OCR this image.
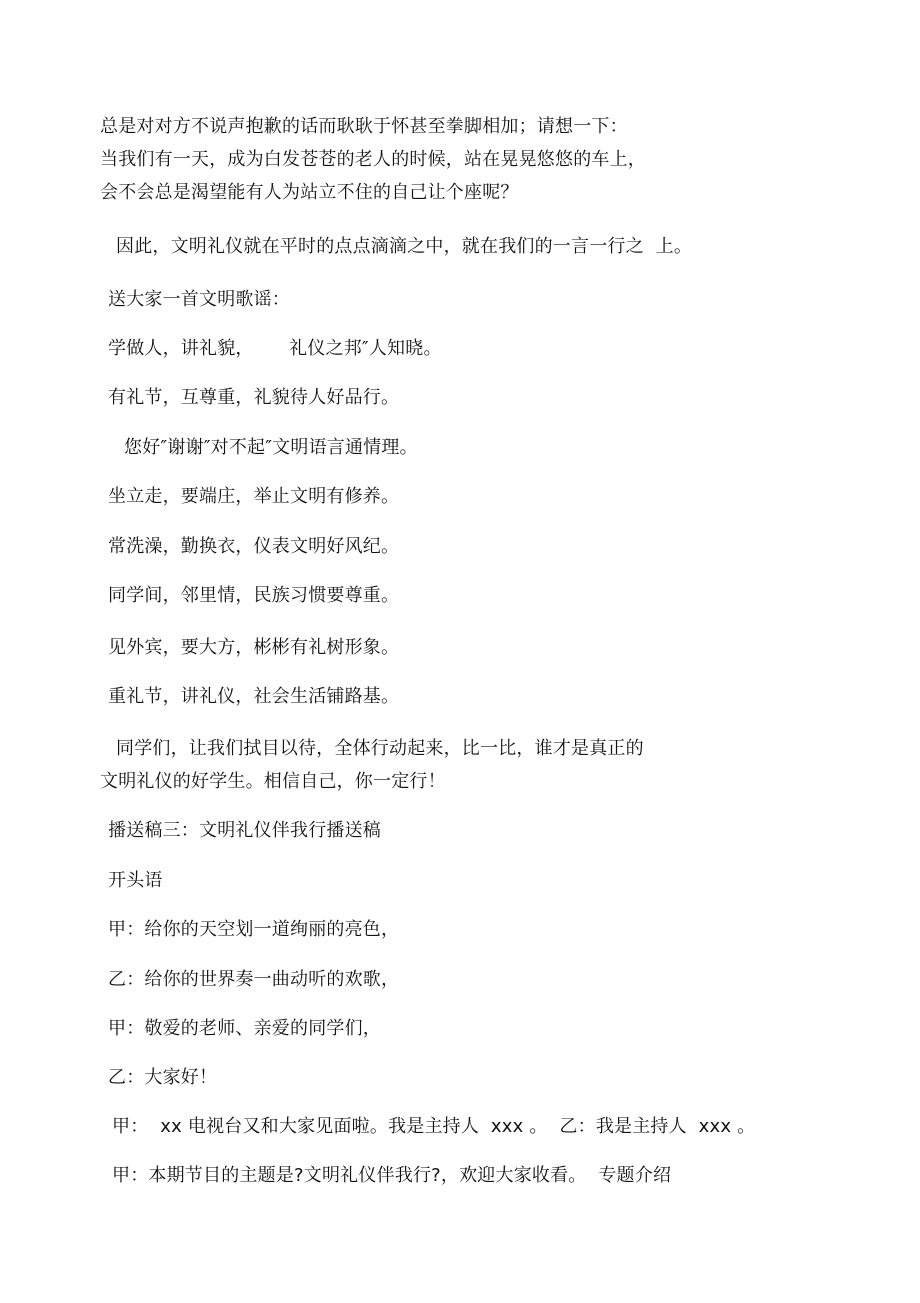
总是对对方不说声抱歉的话而耿耿于怀甚至拳脚相加；请想一下：
当我们有一天，成为白发苍苍的老人的时候，站在晃晃悠悠的车上，
会不会总是渴望能有人为站立不住的自己让个座呢？
因此，文明礼仪就在平时的点点滴滴之中，就在我们的一言一行之  上。
送大家一首文明歌谣：
学做人，讲礼貌，      礼仪之邦″人知晓。
有礼节，互尊重，礼貌待人好品行。
您好″谢谢″对不起″文明语言通情理。
坐立走，要端庄，举止文明有修养。
常洗澡，勤换衣，仪表文明好风纪。
同学间，邻里情，民族习惯要尊重。
见外宾，要大方，彬彬有礼树形象。
重礼节，讲礼仪，社会生活铺路基。
同学们，让我们拭目以待，全体行动起来，比一比，谁才是真正的
文明礼仪的好学生。相信自己，你一定行！
播送稿三：文明礼仪伴我行播送稿
开头语
甲：给你的天空划一道绚丽的亮色，
乙：给你的世界奏一曲动听的欢歌，
甲：敬爱的老师、亲爱的同学们，
乙：大家好！
甲：  xx 电视台又和大家见面啦。我是主持人  xxx 。  乙：我是主持人  xxx 。
甲：本期节目的主题是?文明礼仪伴我行?，欢迎大家收看。  专题介绍
